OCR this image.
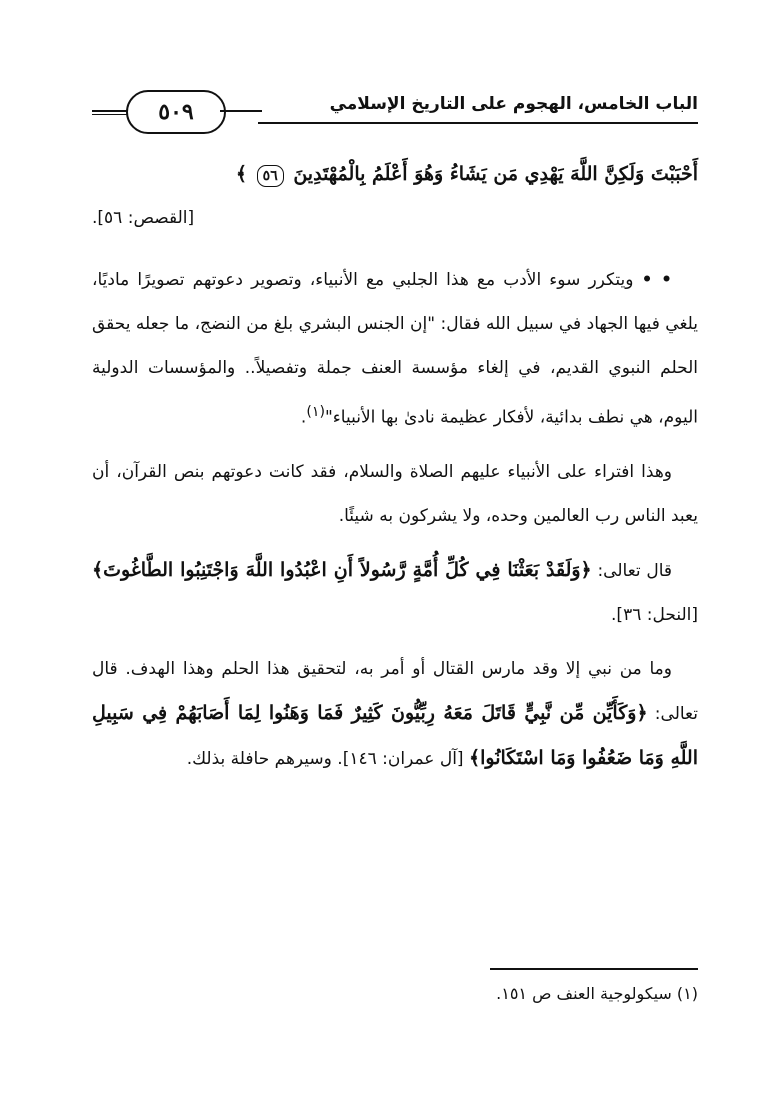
٥٠٩	الباب الخامس، الهجوم على التاريخ الإسلامي
أَحْبَبْتَ وَلَكِنَّ اللَّهَ يَهْدِي مَن يَشَاءُ وَهُوَ أَعْلَمُ بِالْمُهْتَدِينَ ٥٦ ﴾
[القصص: ٥٦].

• • ويتكرر سوء الأدب مع هذا الجلبي مع الأنبياء، وتصوير دعوتهم تصويرًا ماديًا، يلغي فيها الجهاد في سبيل الله فقال: "إن الجنس البشري بلغ من النضج، ما جعله يحقق الحلم النبوي القديم، في إلغاء مؤسسة العنف جملة وتفصيلاً.. والمؤسسات الدولية اليوم، هي نطف بدائية، لأفكار عظيمة نادىٰ بها الأنبياء"$^{(١)}$.

وهذا افتراء على الأنبياء عليهم الصلاة والسلام، فقد كانت دعوتهم بنص القرآن، أن يعبد الناس رب العالمين وحده، ولا يشركون به شيئًا.

قال تعالى: ﴿وَلَقَدْ بَعَثْنَا فِي كُلِّ أُمَّةٍ رَّسُولاً أَنِ اعْبُدُوا اللَّهَ وَاجْتَنِبُوا الطَّاغُوتَ﴾ [النحل: ٣٦].

وما من نبي إلا وقد مارس القتال أو أمر به، لتحقيق هذا الحلم وهذا الهدف. قال تعالى: ﴿وَكَأَيِّن مِّن نَّبِيٍّ قَاتَلَ مَعَهُ رِبِّيُّونَ كَثِيرٌ فَمَا وَهَنُوا لِمَا أَصَابَهُمْ فِي سَبِيلِ اللَّهِ وَمَا ضَعُفُوا وَمَا اسْتَكَانُوا﴾ [آل عمران: ١٤٦]. وسيرهم حافلة بذلك.

(١) سيكولوجية العنف ص ١٥١.
